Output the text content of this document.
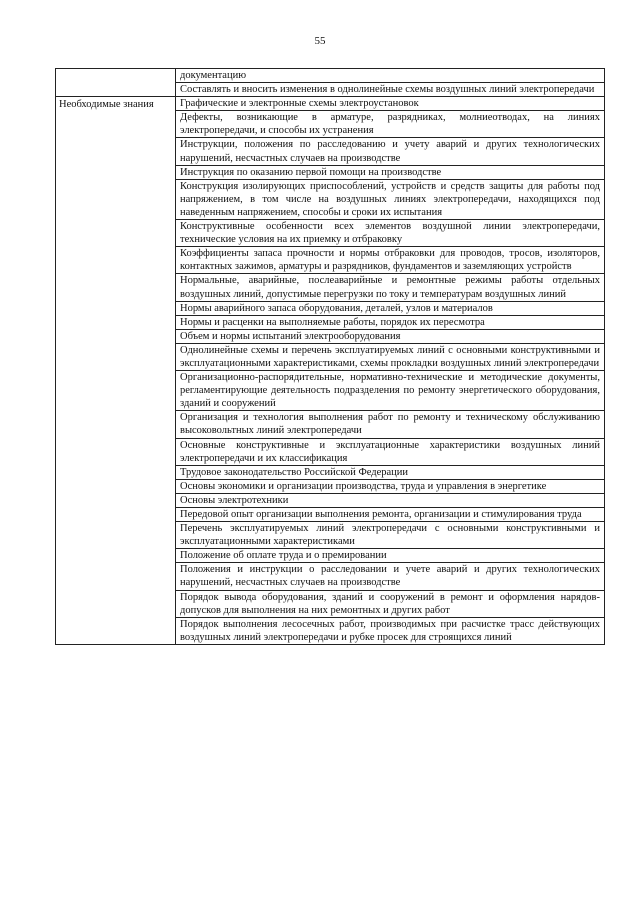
55
документацию
Составлять и вносить изменения в однолинейные схемы воздушных линий электропередачи
Необходимые знания	Графические и электронные схемы электроустановок
Дефекты, возникающие в арматуре, разрядниках, молниеотводах, на линиях электропередачи, и способы их устранения
Инструкции, положения по расследованию и учету аварий и других технологических нарушений, несчастных случаев на производстве
Инструкция по оказанию первой помощи на производстве
Конструкция изолирующих приспособлений, устройств и средств защиты для работы под напряжением, в том числе на воздушных линиях электропередачи, находящихся под наведенным напряжением, способы и сроки их испытания
Конструктивные особенности всех элементов воздушной линии электропередачи, технические условия на их приемку и отбраковку
Коэффициенты запаса прочности и нормы отбраковки для проводов, тросов, изоляторов, контактных зажимов, арматуры и разрядников, фундаментов и заземляющих устройств
Нормальные, аварийные, послеаварийные и ремонтные режимы работы отдельных воздушных линий, допустимые перегрузки по току и температурам воздушных линий
Нормы аварийного запаса оборудования, деталей, узлов и материалов
Нормы и расценки на выполняемые работы, порядок их пересмотра
Объем и нормы испытаний электрооборудования
Однолинейные схемы и перечень эксплуатируемых линий с основными конструктивными и эксплуатационными характеристиками, схемы прокладки воздушных линий электропередачи
Организационно-распорядительные, нормативно-технические и методические документы, регламентирующие деятельность подразделения по ремонту энергетического оборудования, зданий и сооружений
Организация и технология выполнения работ по ремонту и техническому обслуживанию высоковольтных линий электропередачи
Основные конструктивные и эксплуатационные характеристики воздушных линий электропередачи и их классификация
Трудовое законодательство Российской Федерации
Основы экономики и организации производства, труда и управления в энергетике
Основы электротехники
Передовой опыт организации выполнения ремонта, организации и стимулирования труда
Перечень эксплуатируемых линий электропередачи с основными конструктивными и эксплуатационными характеристиками
Положение об оплате труда и о премировании
Положения и инструкции о расследовании и учете аварий и других технологических нарушений, несчастных случаев на производстве
Порядок вывода оборудования, зданий и сооружений в ремонт и оформления нарядов-допусков для выполнения на них ремонтных и других работ
Порядок выполнения лесосечных работ, производимых при расчистке трасс действующих воздушных линий электропередачи и рубке просек для строящихся линий
